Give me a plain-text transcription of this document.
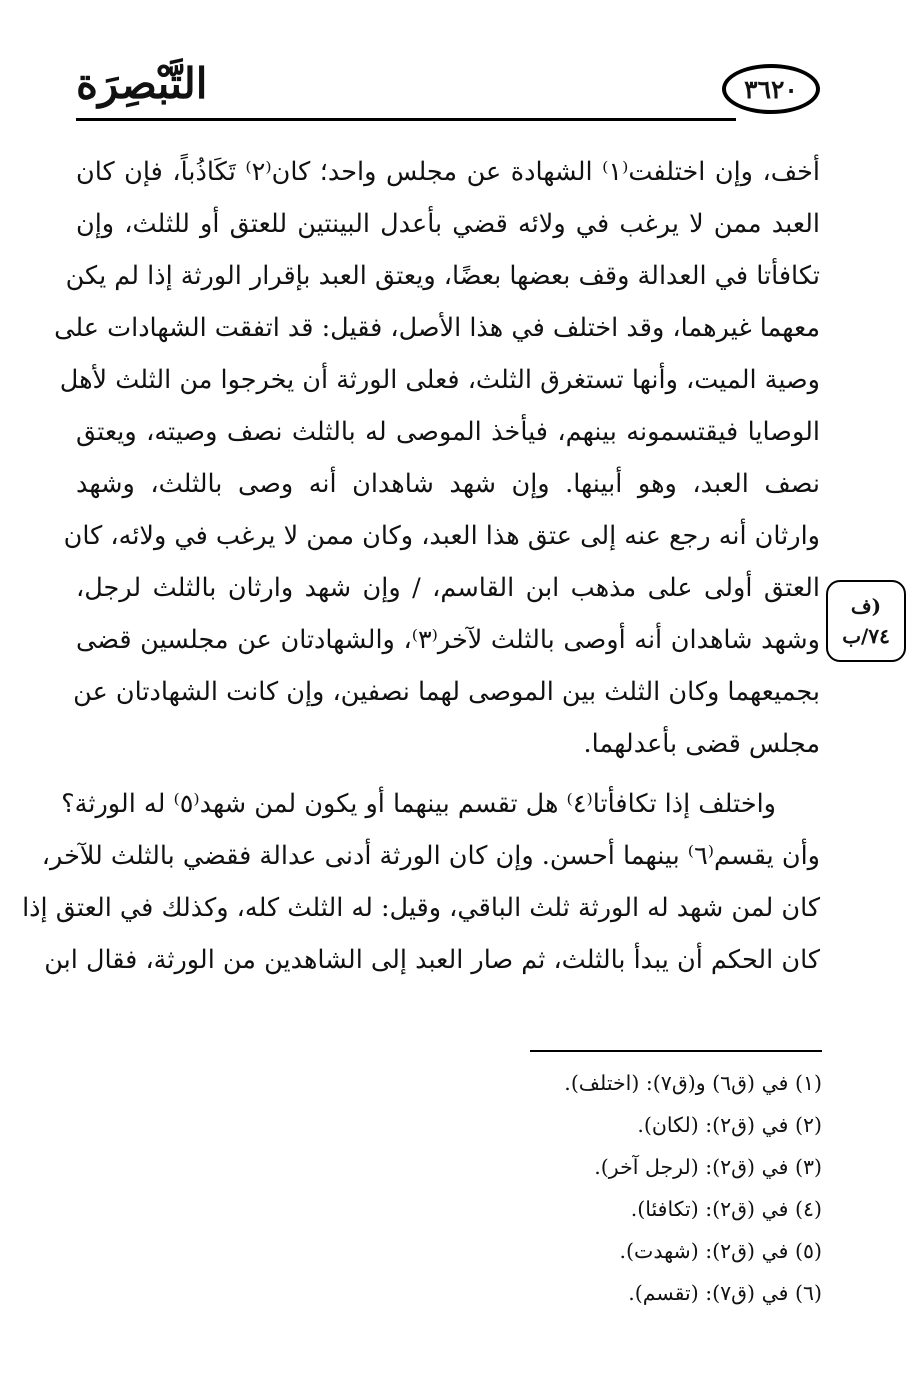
التَّبْصِرَة	٣٦٢٠
أخف، وإن اختلفت⁽١⁾ الشهادة عن مجلس واحد؛ كان⁽٢⁾ تَكَاذُباً، فإن كان
العبد ممن لا يرغب في ولائه قضي بأعدل البينتين للعتق أو للثلث، وإن
تكافأتا في العدالة وقف بعضها بعضًا، ويعتق العبد بإقرار الورثة إذا لم يكن
معهما غيرهما، وقد اختلف في هذا الأصل، فقيل: قد اتفقت الشهادات على
وصية الميت، وأنها تستغرق الثلث، فعلى الورثة أن يخرجوا من الثلث لأهل
الوصايا فيقتسمونه بينهم، فيأخذ الموصى له بالثلث نصف وصيته، ويعتق
نصف العبد، وهو أبينها. وإن شهد شاهدان أنه وصى بالثلث، وشهد
وارثان أنه رجع عنه إلى عتق هذا العبد، وكان ممن لا يرغب في ولائه، كان
العتق أولى على مذهب ابن القاسم، / وإن شهد وارثان بالثلث لرجل،
وشهد شاهدان أنه أوصى بالثلث لآخر⁽٣⁾، والشهادتان عن مجلسين قضى
بجميعهما وكان الثلث بين الموصى لهما نصفين، وإن كانت الشهادتان عن
مجلس قضى بأعدلهما.
واختلف إذا تكافأتا⁽٤⁾ هل تقسم بينهما أو يكون لمن شهد⁽٥⁾ له الورثة؟
وأن يقسم⁽٦⁾ بينهما أحسن. وإن كان الورثة أدنى عدالة فقضي بالثلث للآخر،
كان لمن شهد له الورثة ثلث الباقي، وقيل: له الثلث كله، وكذلك في العتق إذا
كان الحكم أن يبدأ بالثلث، ثم صار العبد إلى الشاهدين من الورثة، فقال ابن
(ف
٧٤/ب
(١) في (ق٦) و(ق٧): (اختلف).
(٢) في (ق٢): (لكان).
(٣) في (ق٢): (لرجل آخر).
(٤) في (ق٢): (تكافئا).
(٥) في (ق٢): (شهدت).
(٦) في (ق٧): (تقسم).
